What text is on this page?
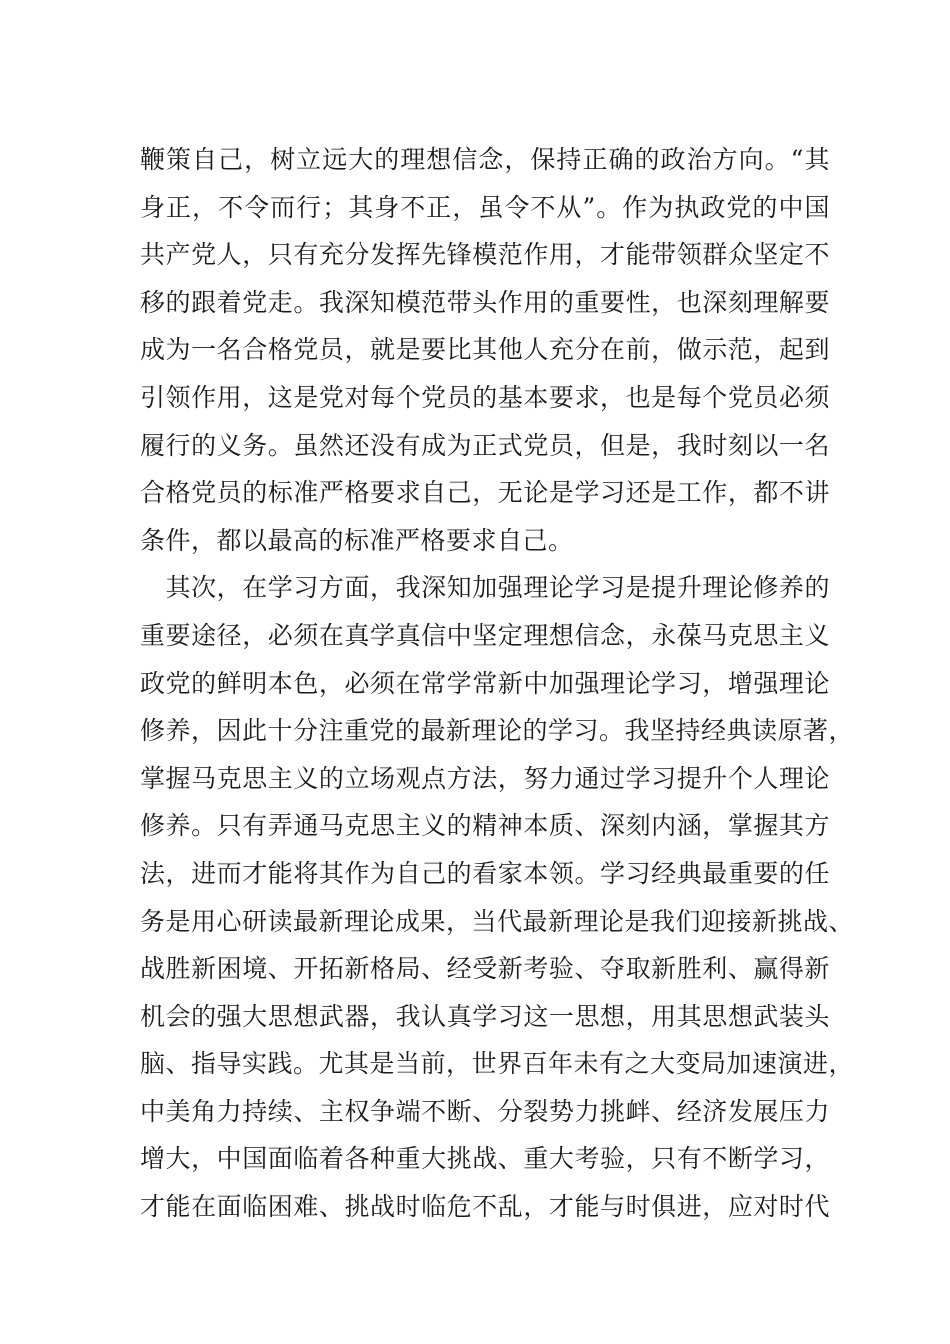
鞭策自己，树立远大的理想信念，保持正确的政治方向。“其
身正，不令而行；其身不正，虽令不从”。作为执政党的中国
共产党人，只有充分发挥先锋模范作用，才能带领群众坚定不
移的跟着党走。我深知模范带头作用的重要性，也深刻理解要
成为一名合格党员，就是要比其他人充分在前，做示范，起到
引领作用，这是党对每个党员的基本要求，也是每个党员必须
履行的义务。虽然还没有成为正式党员，但是，我时刻以一名
合格党员的标准严格要求自己，无论是学习还是工作，都不讲
条件，都以最高的标准严格要求自己。
　其次，在学习方面，我深知加强理论学习是提升理论修养的
重要途径，必须在真学真信中坚定理想信念，永葆马克思主义
政党的鲜明本色，必须在常学常新中加强理论学习，增强理论
修养，因此十分注重党的最新理论的学习。我坚持经典读原著，
掌握马克思主义的立场观点方法，努力通过学习提升个人理论
修养。只有弄通马克思主义的精神本质、深刻内涵，掌握其方
法，进而才能将其作为自己的看家本领。学习经典最重要的任
务是用心研读最新理论成果，当代最新理论是我们迎接新挑战、
战胜新困境、开拓新格局、经受新考验、夺取新胜利、赢得新
机会的强大思想武器，我认真学习这一思想，用其思想武装头
脑、指导实践。尤其是当前，世界百年未有之大变局加速演进，
中美角力持续、主权争端不断、分裂势力挑衅、经济发展压力
增大，中国面临着各种重大挑战、重大考验，只有不断学习，
才能在面临困难、挑战时临危不乱，才能与时俱进，应对时代
